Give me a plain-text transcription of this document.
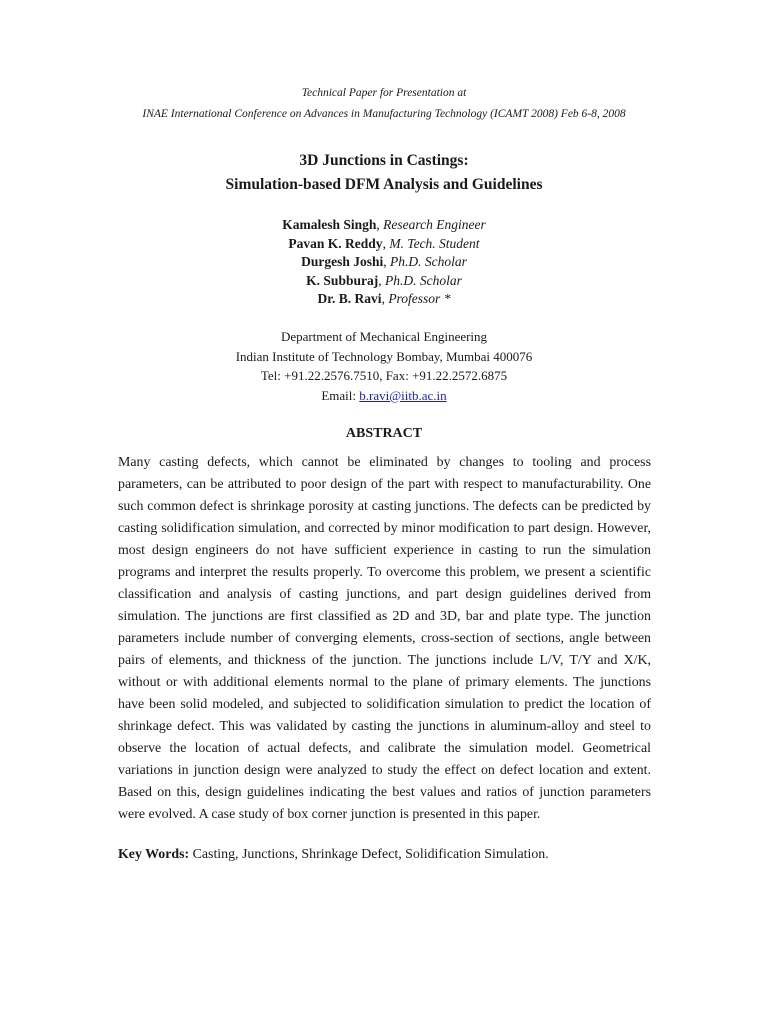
Technical Paper for Presentation at
INAE International Conference on Advances in Manufacturing Technology (ICAMT 2008) Feb 6-8, 2008
3D Junctions in Castings:
Simulation-based DFM Analysis and Guidelines
Kamalesh Singh, Research Engineer
Pavan K. Reddy, M. Tech. Student
Durgesh Joshi, Ph.D. Scholar
K. Subburaj, Ph.D. Scholar
Dr. B. Ravi, Professor *
Department of Mechanical Engineering
Indian Institute of Technology Bombay, Mumbai 400076
Tel: +91.22.2576.7510, Fax: +91.22.2572.6875
Email: b.ravi@iitb.ac.in
ABSTRACT
Many casting defects, which cannot be eliminated by changes to tooling and process parameters, can be attributed to poor design of the part with respect to manufacturability. One such common defect is shrinkage porosity at casting junctions. The defects can be predicted by casting solidification simulation, and corrected by minor modification to part design. However, most design engineers do not have sufficient experience in casting to run the simulation programs and interpret the results properly. To overcome this problem, we present a scientific classification and analysis of casting junctions, and part design guidelines derived from simulation. The junctions are first classified as 2D and 3D, bar and plate type. The junction parameters include number of converging elements, cross-section of sections, angle between pairs of elements, and thickness of the junction. The junctions include L/V, T/Y and X/K, without or with additional elements normal to the plane of primary elements. The junctions have been solid modeled, and subjected to solidification simulation to predict the location of shrinkage defect. This was validated by casting the junctions in aluminum-alloy and steel to observe the location of actual defects, and calibrate the simulation model. Geometrical variations in junction design were analyzed to study the effect on defect location and extent. Based on this, design guidelines indicating the best values and ratios of junction parameters were evolved. A case study of box corner junction is presented in this paper.
Key Words: Casting, Junctions, Shrinkage Defect, Solidification Simulation.
